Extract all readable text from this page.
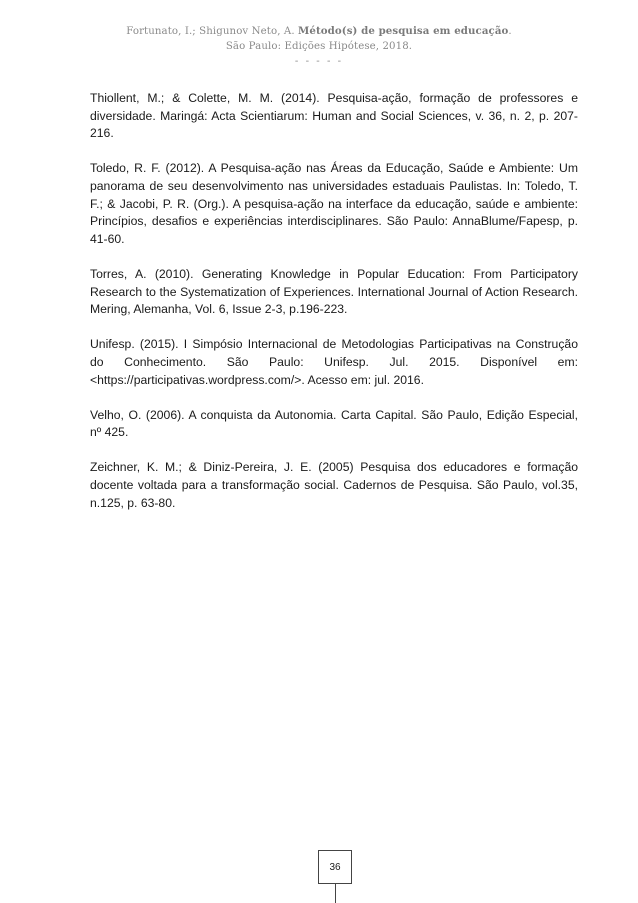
Fortunato, I.; Shigunov Neto, A. Método(s) de pesquisa em educação.
São Paulo: Edições Hipótese, 2018.
- - - - -

Thiollent, M.; & Colette, M. M. (2014). Pesquisa-ação, formação de professores e diversidade. Maringá: Acta Scientiarum: Human and Social Sciences, v. 36, n. 2, p. 207-216.

Toledo, R. F. (2012). A Pesquisa-ação nas Áreas da Educação, Saúde e Ambiente: Um panorama de seu desenvolvimento nas universidades estaduais Paulistas. In: Toledo, T. F.; & Jacobi, P. R. (Org.). A pesquisa-ação na interface da educação, saúde e ambiente: Princípios, desafios e experiências interdisciplinares. São Paulo: AnnaBlume/Fapesp, p. 41-60.

Torres, A. (2010). Generating Knowledge in Popular Education: From Participatory Research to the Systematization of Experiences. International Journal of Action Research. Mering, Alemanha, Vol. 6, Issue 2-3, p.196-223.

Unifesp. (2015). I Simpósio Internacional de Metodologias Participativas na Construção do Conhecimento. São Paulo: Unifesp. Jul. 2015. Disponível em: <https://participativas.wordpress.com/>. Acesso em: jul. 2016.

Velho, O. (2006). A conquista da Autonomia. Carta Capital. São Paulo, Edição Especial, nº 425.

Zeichner, K. M.; & Diniz-Pereira, J. E. (2005) Pesquisa dos educadores e formação docente voltada para a transformação social. Cadernos de Pesquisa. São Paulo, vol.35, n.125, p. 63-80.

36
